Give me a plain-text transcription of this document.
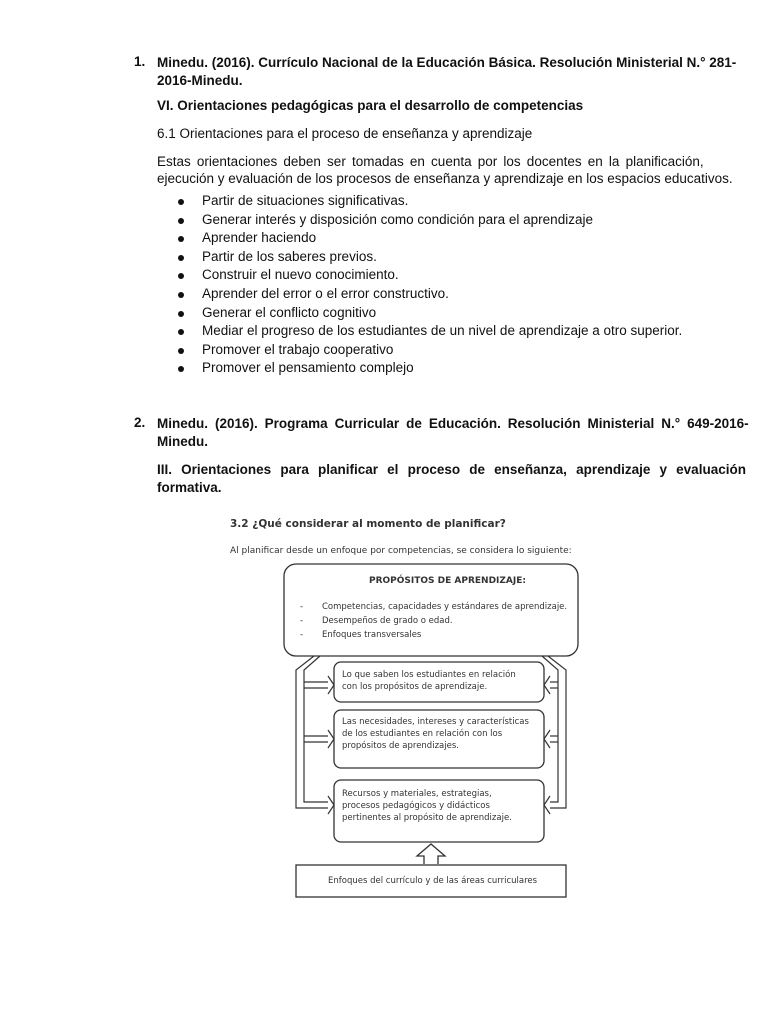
1. Minedu. (2016). Currículo Nacional de la Educación Básica. Resolución Ministerial N.° 281-
2016-Minedu.
VI. Orientaciones pedagógicas para el desarrollo de competencias
6.1 Orientaciones para el proceso de enseñanza y aprendizaje
Estas orientaciones deben ser tomadas en cuenta por los docentes en la planificación,
ejecución y evaluación de los procesos de enseñanza y aprendizaje en los espacios educativos.
Partir de situaciones significativas.
Generar interés y disposición como condición para el aprendizaje
Aprender haciendo
Partir de los saberes previos.
Construir el nuevo conocimiento.
Aprender del error o el error constructivo.
Generar el conflicto cognitivo
Mediar el progreso de los estudiantes de un nivel de aprendizaje a otro superior.
Promover el trabajo cooperativo
Promover el pensamiento complejo
2. Minedu. (2016). Programa Curricular de Educación. Resolución Ministerial N.° 649-2016-
Minedu.
III. Orientaciones para planificar el proceso de enseñanza, aprendizaje y evaluación
formativa.
3.2 ¿Qué considerar al momento de planificar?
Al planificar desde un enfoque por competencias, se considera lo siguiente:
PROPÓSITOS DE APRENDIZAJE:
- Competencias, capacidades y estándares de aprendizaje.
- Desempeños de grado o edad.
- Enfoques transversales
Lo que saben los estudiantes en relación
con los propósitos de aprendizaje.
Las necesidades, intereses y características
de los estudiantes en relación con los
propósitos de aprendizajes.
Recursos y materiales, estrategias,
procesos pedagógicos y didácticos
pertinentes al propósito de aprendizaje.
Enfoques del currículo y de las áreas curriculares
